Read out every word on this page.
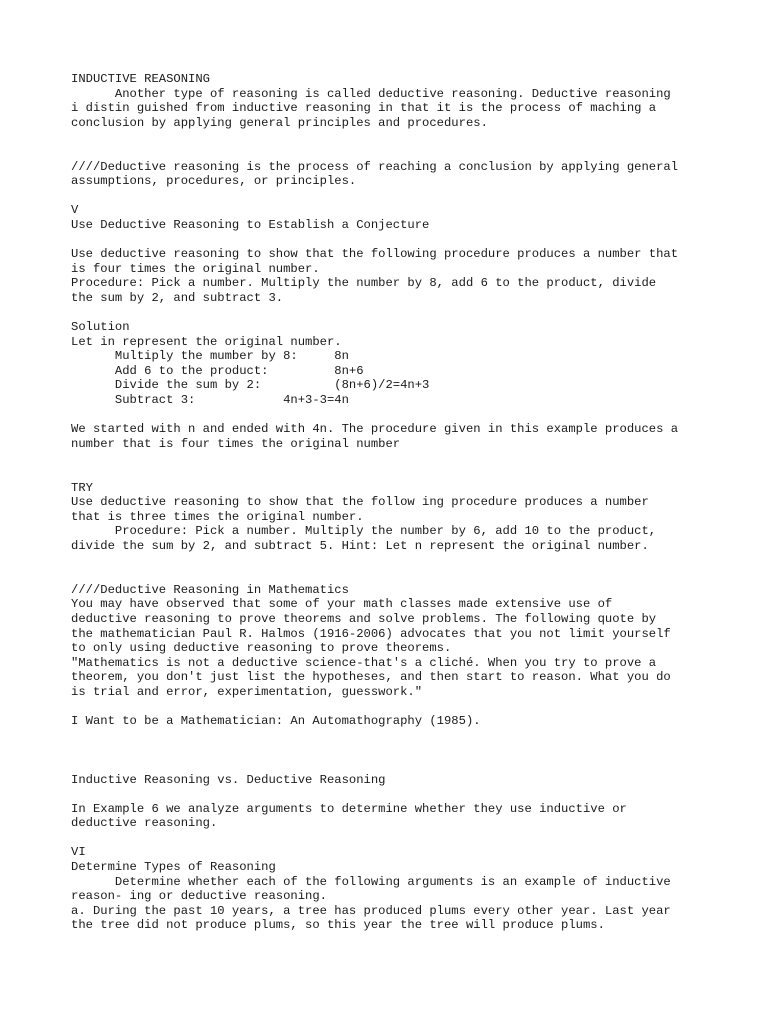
INDUCTIVE REASONING
Another type of reasoning is called deductive reasoning. Deductive reasoning
i distin guished from inductive reasoning in that it is the process of maching a
conclusion by applying general principles and procedures.
////Deductive reasoning is the process of reaching a conclusion by applying general
assumptions, procedures, or principles.
V
Use Deductive Reasoning to Establish a Conjecture
Use deductive reasoning to show that the following procedure produces a number that
is four times the original number.
Procedure: Pick a number. Multiply the number by 8, add 6 to the product, divide
the sum by 2, and subtract 3.
Solution
Let in represent the original number.
Multiply the mumber by 8:     8n
Add 6 to the product:         8n+6
Divide the sum by 2:          (8n+6)/2=4n+3
Subtract 3:            4n+3-3=4n
We started with n and ended with 4n. The procedure given in this example produces a
number that is four times the original number
TRY
Use deductive reasoning to show that the follow ing procedure produces a number
that is three times the original number.
Procedure: Pick a number. Multiply the number by 6, add 10 to the product,
divide the sum by 2, and subtract 5. Hint: Let n represent the original number.
////Deductive Reasoning in Mathematics
You may have observed that some of your math classes made extensive use of
deductive reasoning to prove theorems and solve problems. The following quote by
the mathematician Paul R. Halmos (1916-2006) advocates that you not limit yourself
to only using deductive reasoning to prove theorems.
"Mathematics is not a deductive science-that's a cliché. When you try to prove a
theorem, you don't just list the hypotheses, and then start to reason. What you do
is trial and error, experimentation, guesswork."
I Want to be a Mathematician: An Automathography (1985).
Inductive Reasoning vs. Deductive Reasoning
In Example 6 we analyze arguments to determine whether they use inductive or
deductive reasoning.
VI
Determine Types of Reasoning
Determine whether each of the following arguments is an example of inductive
reason- ing or deductive reasoning.
a. During the past 10 years, a tree has produced plums every other year. Last year
the tree did not produce plums, so this year the tree will produce plums.
